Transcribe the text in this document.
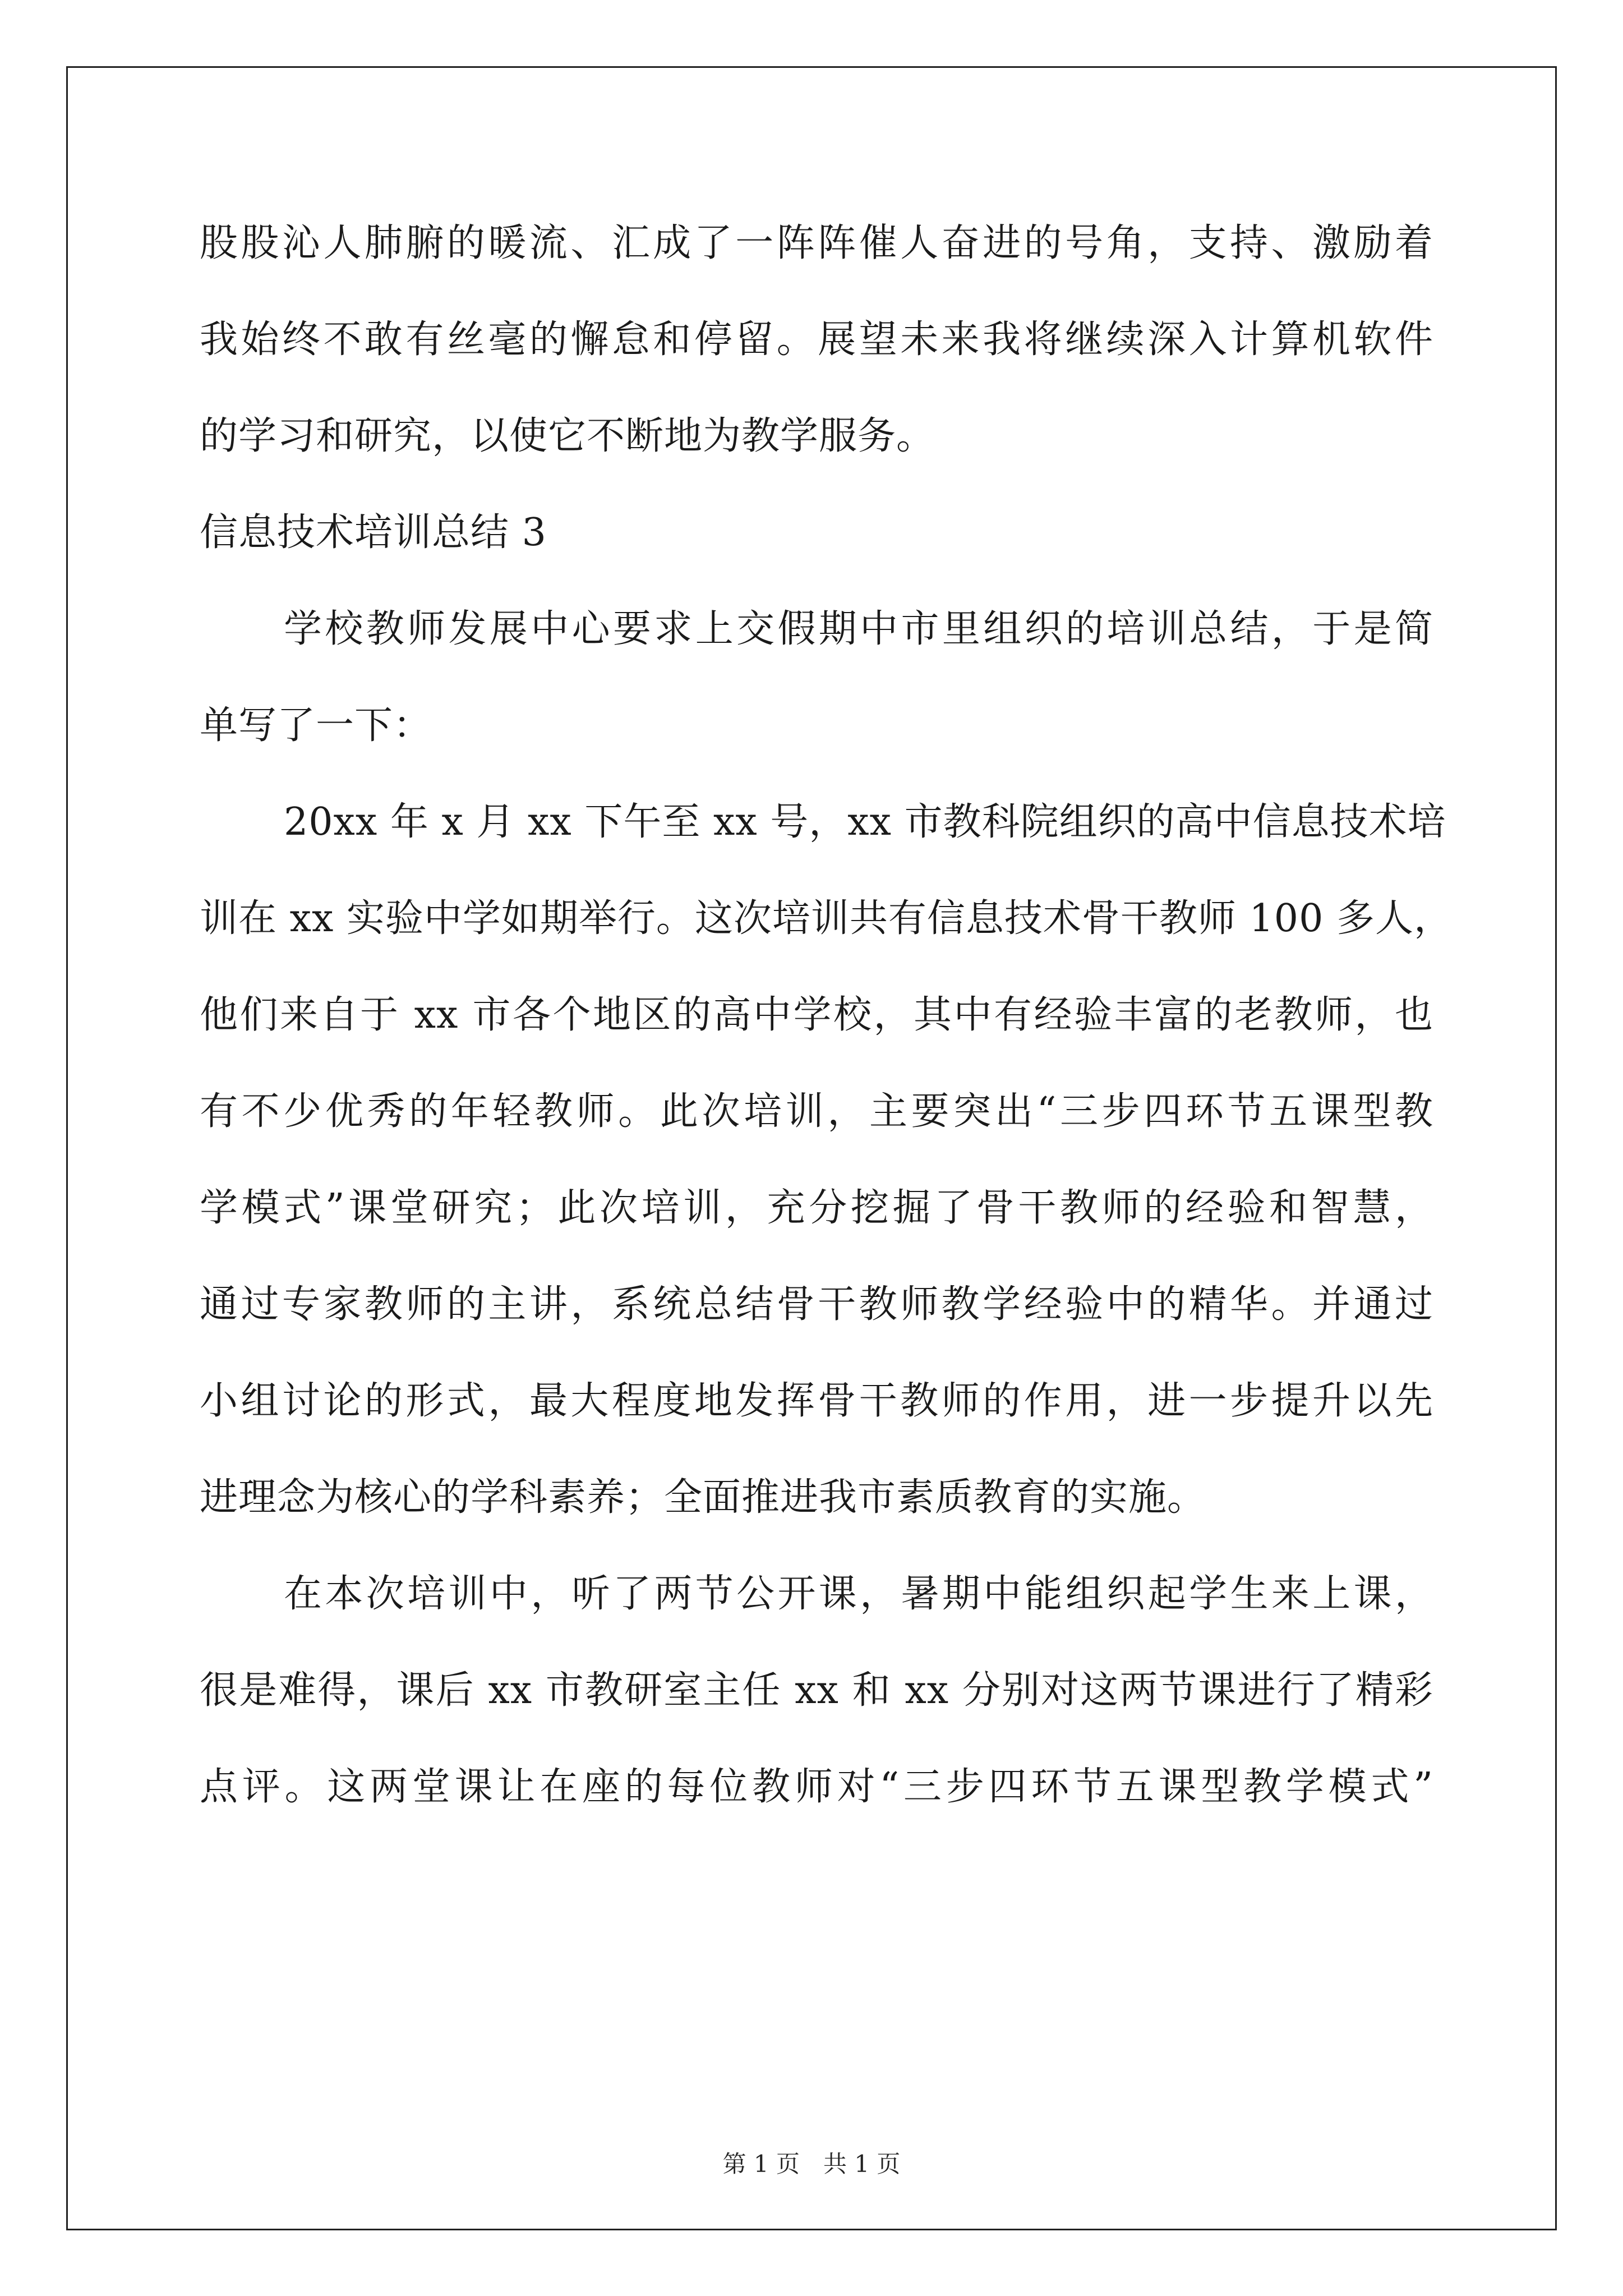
股股沁人肺腑的暖流、汇成了一阵阵催人奋进的号角，支持、激励着
我始终不敢有丝毫的懈怠和停留。展望未来我将继续深入计算机软件
的学习和研究，以使它不断地为教学服务。
信息技术培训总结 3
学校教师发展中心要求上交假期中市里组织的培训总结，于是简
单写了一下：
20xx 年 x 月 xx 下午至 xx 号，xx 市教科院组织的高中信息技术培
训在 xx 实验中学如期举行。这次培训共有信息技术骨干教师 100 多人，
他们来自于 xx 市各个地区的高中学校，其中有经验丰富的老教师，也
有不少优秀的年轻教师。此次培训，主要突出“三步四环节五课型教
学模式”课堂研究；此次培训，充分挖掘了骨干教师的经验和智慧，
通过专家教师的主讲，系统总结骨干教师教学经验中的精华。并通过
小组讨论的形式，最大程度地发挥骨干教师的作用，进一步提升以先
进理念为核心的学科素养；全面推进我市素质教育的实施。
在本次培训中，听了两节公开课，暑期中能组织起学生来上课，
很是难得，课后 xx 市教研室主任 xx 和 xx 分别对这两节课进行了精彩
点评。这两堂课让在座的每位教师对“三步四环节五课型教学模式”
第 1 页　共 1 页
